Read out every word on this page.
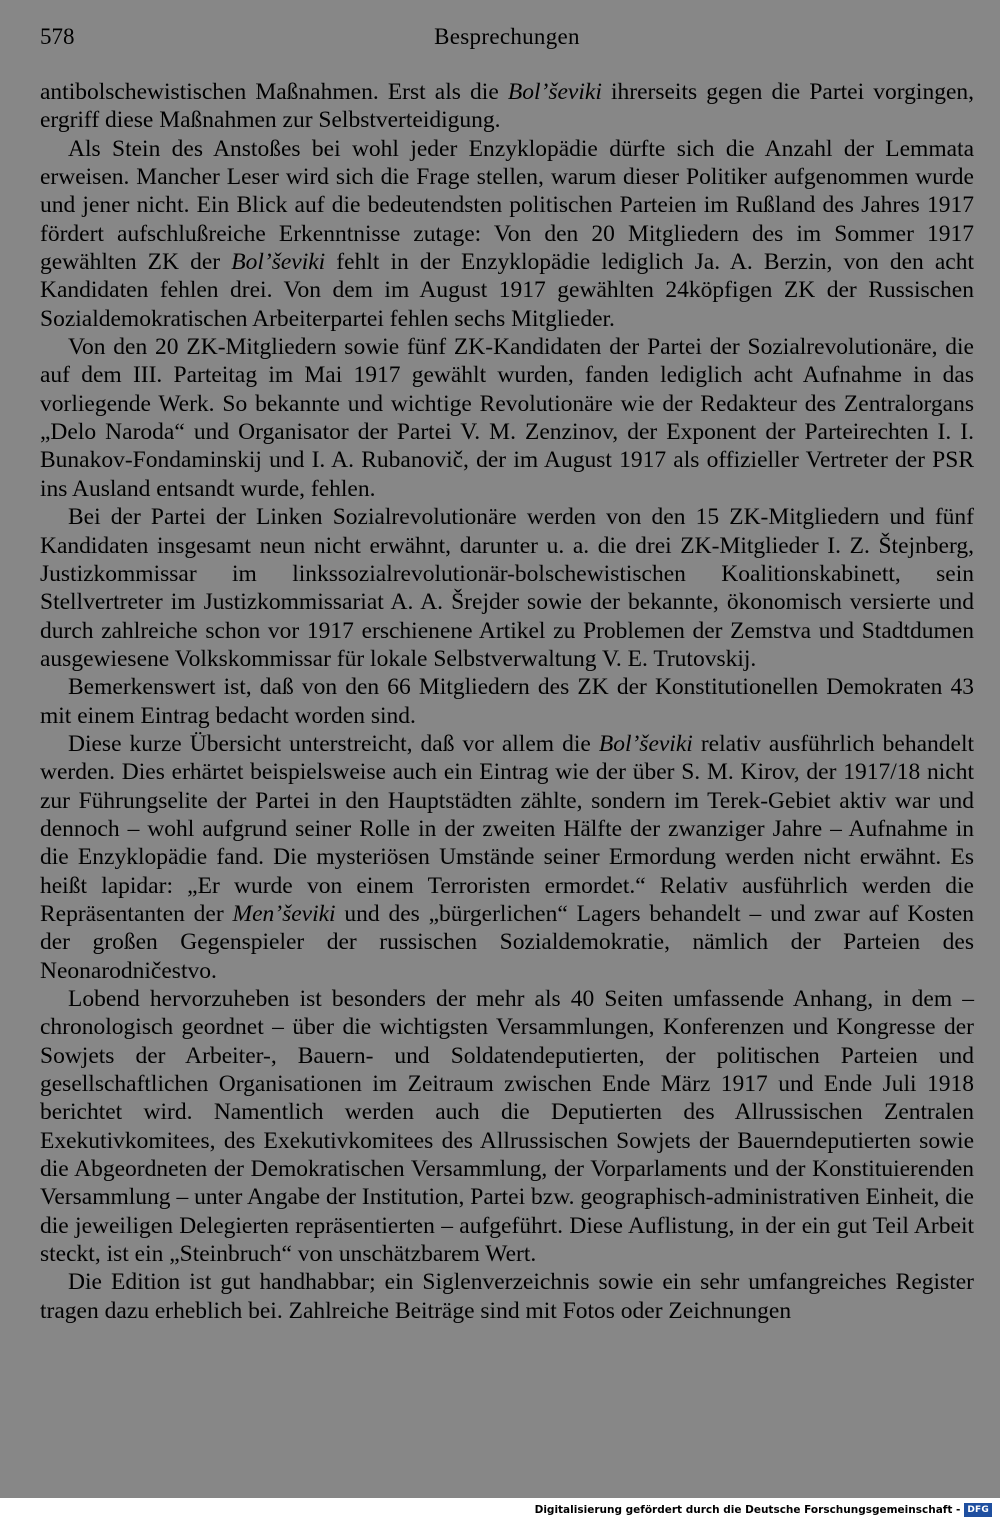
578	Besprechungen

antibolschewistischen Maßnahmen. Erst als die Bol’ševiki ihrerseits gegen die Partei vorgingen, ergriff diese Maßnahmen zur Selbstverteidigung.

Als Stein des Anstoßes bei wohl jeder Enzyklopädie dürfte sich die Anzahl der Lemmata erweisen. Mancher Leser wird sich die Frage stellen, warum dieser Politiker aufgenommen wurde und jener nicht. Ein Blick auf die bedeutendsten politischen Parteien im Rußland des Jahres 1917 fördert aufschlußreiche Erkenntnisse zutage: Von den 20 Mitgliedern des im Sommer 1917 gewählten ZK der Bol’ševiki fehlt in der Enzyklopädie lediglich Ja. A. Berzin, von den acht Kandidaten fehlen drei. Von dem im August 1917 gewählten 24köpfigen ZK der Russischen Sozialdemokratischen Arbeiterpartei fehlen sechs Mitglieder.

Von den 20 ZK-Mitgliedern sowie fünf ZK-Kandidaten der Partei der Sozialrevolutionäre, die auf dem III. Parteitag im Mai 1917 gewählt wurden, fanden lediglich acht Aufnahme in das vorliegende Werk. So bekannte und wichtige Revolutionäre wie der Redakteur des Zentralorgans „Delo Naroda“ und Organisator der Partei V. M. Zenzinov, der Exponent der Parteirechten I. I. Bunakov-Fondaminskij und I. A. Rubanovič, der im August 1917 als offizieller Vertreter der PSR ins Ausland entsandt wurde, fehlen.

Bei der Partei der Linken Sozialrevolutionäre werden von den 15 ZK-Mitgliedern und fünf Kandidaten insgesamt neun nicht erwähnt, darunter u. a. die drei ZK-Mitglieder I. Z. Štejnberg, Justizkommissar im linkssozialrevolutionär-bolschewistischen Koalitionskabinett, sein Stellvertreter im Justizkommissariat A. A. Šrejder sowie der bekannte, ökonomisch versierte und durch zahlreiche schon vor 1917 erschienene Artikel zu Problemen der Zemstva und Stadtdumen ausgewiesene Volkskommissar für lokale Selbstverwaltung V. E. Trutovskij.

Bemerkenswert ist, daß von den 66 Mitgliedern des ZK der Konstitutionellen Demokraten 43 mit einem Eintrag bedacht worden sind.

Diese kurze Übersicht unterstreicht, daß vor allem die Bol’ševiki relativ ausführlich behandelt werden. Dies erhärtet beispielsweise auch ein Eintrag wie der über S. M. Kirov, der 1917/18 nicht zur Führungselite der Partei in den Hauptstädten zählte, sondern im Terek-Gebiet aktiv war und dennoch – wohl aufgrund seiner Rolle in der zweiten Hälfte der zwanziger Jahre – Aufnahme in die Enzyklopädie fand. Die mysteriösen Umstände seiner Ermordung werden nicht erwähnt. Es heißt lapidar: „Er wurde von einem Terroristen ermordet.“ Relativ ausführlich werden die Repräsentanten der Men’ševiki und des „bürgerlichen“ Lagers behandelt – und zwar auf Kosten der großen Gegenspieler der russischen Sozialdemokratie, nämlich der Parteien des Neonarodničestvo.

Lobend hervorzuheben ist besonders der mehr als 40 Seiten umfassende Anhang, in dem – chronologisch geordnet – über die wichtigsten Versammlungen, Konferenzen und Kongresse der Sowjets der Arbeiter-, Bauern- und Soldatendeputierten, der politischen Parteien und gesellschaftlichen Organisationen im Zeitraum zwischen Ende März 1917 und Ende Juli 1918 berichtet wird. Namentlich werden auch die Deputierten des Allrussischen Zentralen Exekutivkomitees, des Exekutivkomitees des Allrussischen Sowjets der Bauerndeputierten sowie die Abgeordneten der Demokratischen Versammlung, der Vorparlaments und der Konstituierenden Versammlung – unter Angabe der Institution, Partei bzw. geographisch-administrativen Einheit, die die jeweiligen Delegierten repräsentierten – aufgeführt. Diese Auflistung, in der ein gut Teil Arbeit steckt, ist ein „Steinbruch“ von unschätzbarem Wert.

Die Edition ist gut handhabbar; ein Siglenverzeichnis sowie ein sehr umfangreiches Register tragen dazu erheblich bei. Zahlreiche Beiträge sind mit Fotos oder Zeichnungen

Digitalisierung gefördert durch die Deutsche Forschungsgemeinschaft - DFG
